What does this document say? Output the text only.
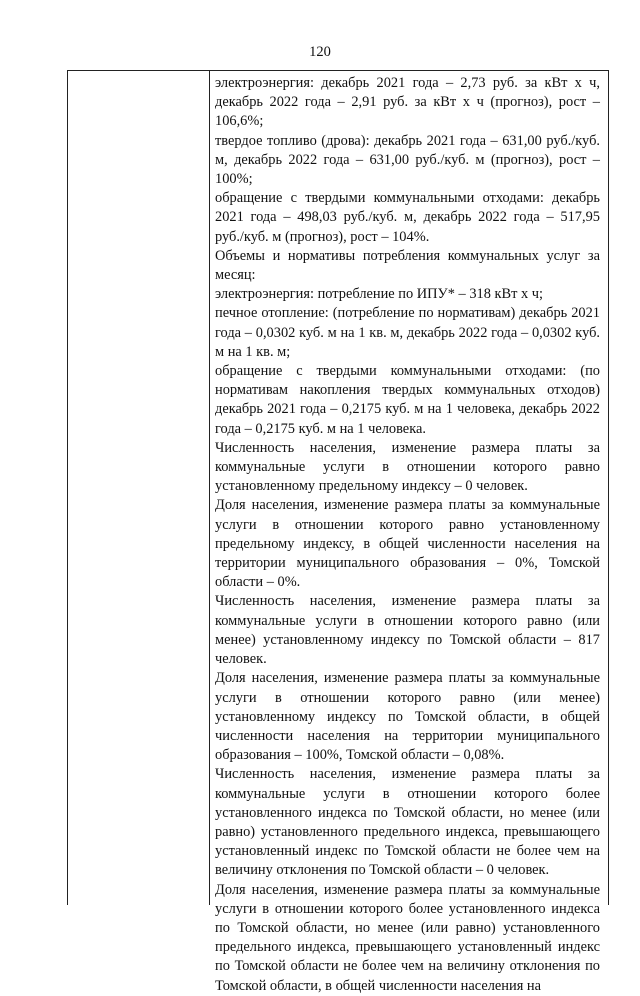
120

электроэнергия: декабрь 2021 года – 2,73 руб. за кВт х ч, декабрь 2022 года – 2,91 руб. за кВт х ч (прогноз), рост – 106,6%;

твердое топливо (дрова): декабрь 2021 года – 631,00 руб./куб. м, декабрь 2022 года – 631,00 руб./куб. м (прогноз), рост – 100%;

обращение с твердыми коммунальными отходами: декабрь 2021 года – 498,03 руб./куб. м, декабрь 2022 года – 517,95 руб./куб. м (прогноз), рост – 104%.

Объемы и нормативы потребления коммунальных услуг за месяц:

электроэнергия: потребление по ИПУ* – 318 кВт х ч;

печное отопление: (потребление по нормативам) декабрь 2021 года – 0,0302 куб. м на 1 кв. м, декабрь 2022 года – 0,0302 куб. м на 1 кв. м;

обращение с твердыми коммунальными отходами: (по нормативам накопления твердых коммунальных отходов) декабрь 2021 года – 0,2175 куб. м на 1 человека, декабрь 2022 года – 0,2175 куб. м на 1 человека.

Численность населения, изменение размера платы за коммунальные услуги в отношении которого равно установленному предельному индексу – 0 человек.

Доля населения, изменение размера платы за коммунальные услуги в отношении которого равно установленному предельному индексу, в общей численности населения на территории муниципального образования – 0%, Томской области – 0%.

Численность населения, изменение размера платы за коммунальные услуги в отношении которого равно (или менее) установленному индексу по Томской области – 817 человек.

Доля населения, изменение размера платы за коммунальные услуги в отношении которого равно (или менее) установленному индексу по Томской области, в общей численности населения на территории муниципального образования – 100%, Томской области – 0,08%.

Численность населения, изменение размера платы за коммунальные услуги в отношении которого более установленного индекса по Томской области, но менее (или равно) установленного предельного индекса, превышающего установленный индекс по Томской области не более чем на величину отклонения по Томской области – 0 человек.

Доля населения, изменение размера платы за коммунальные услуги в отношении которого более установленного индекса по Томской области, но менее (или равно) установленного предельного индекса, превышающего установленный индекс по Томской области не более чем на величину отклонения по Томской области, в общей численности населения на
